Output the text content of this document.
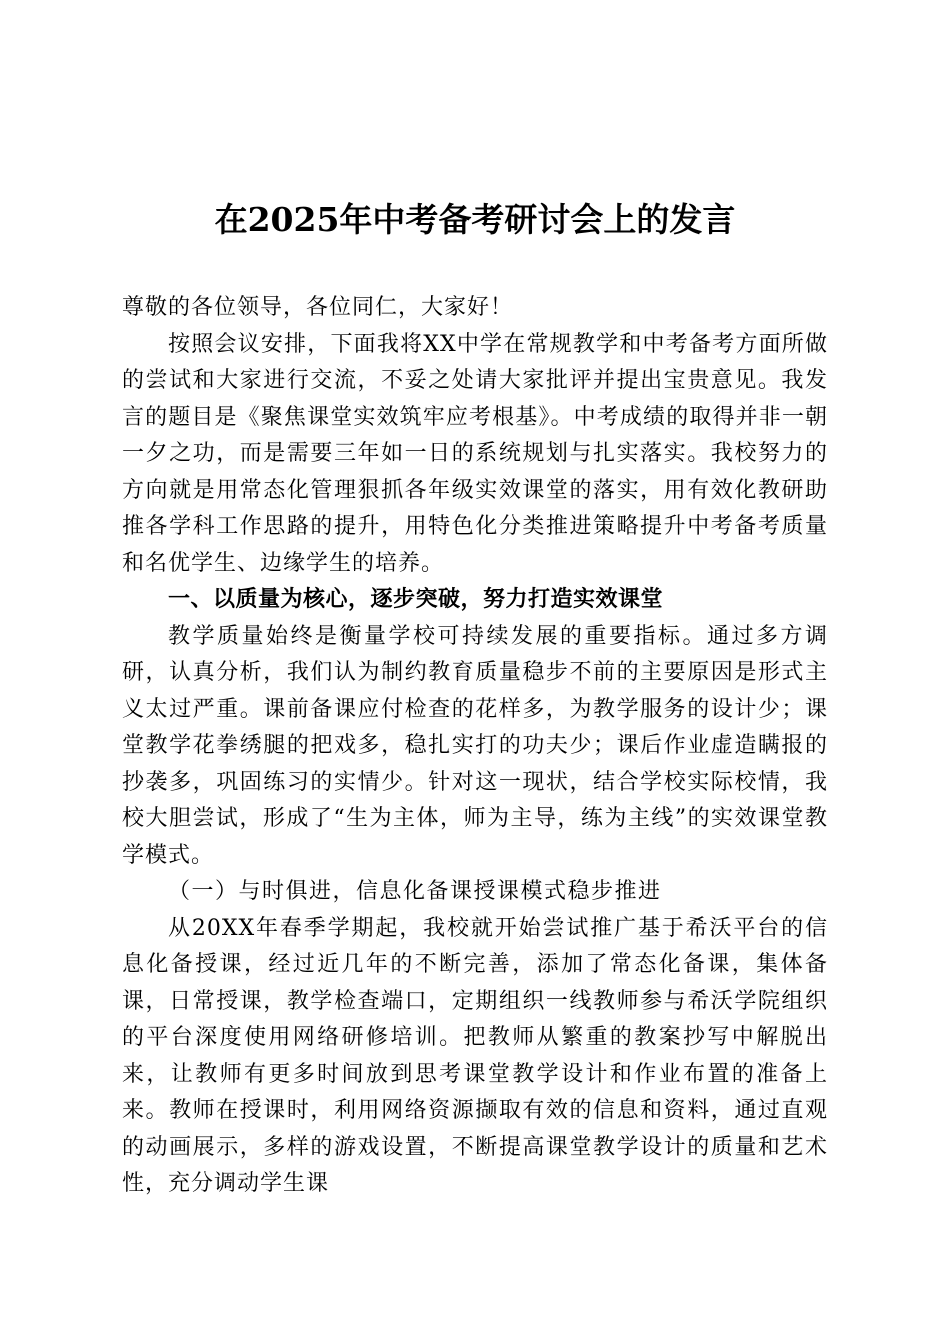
在2025年中考备考研讨会上的发言

尊敬的各位领导，各位同仁，大家好！

按照会议安排，下面我将XX中学在常规教学和中考备考方面所做的尝试和大家进行交流，不妥之处请大家批评并提出宝贵意见。我发言的题目是《聚焦课堂实效筑牢应考根基》。中考成绩的取得并非一朝一夕之功，而是需要三年如一日的系统规划与扎实落实。我校努力的方向就是用常态化管理狠抓各年级实效课堂的落实，用有效化教研助推各学科工作思路的提升，用特色化分类推进策略提升中考备考质量和名优学生、边缘学生的培养。

一、以质量为核心，逐步突破，努力打造实效课堂

教学质量始终是衡量学校可持续发展的重要指标。通过多方调研，认真分析，我们认为制约教育质量稳步不前的主要原因是形式主义太过严重。课前备课应付检查的花样多，为教学服务的设计少；课堂教学花拳绣腿的把戏多，稳扎实打的功夫少；课后作业虚造瞒报的抄袭多，巩固练习的实情少。针对这一现状，结合学校实际校情，我校大胆尝试，形成了“生为主体，师为主导，练为主线”的实效课堂教学模式。

（一）与时俱进，信息化备课授课模式稳步推进

从20XX年春季学期起，我校就开始尝试推广基于希沃平台的信息化备授课，经过近几年的不断完善，添加了常态化备课，集体备课，日常授课，教学检查端口，定期组织一线教师参与希沃学院组织的平台深度使用网络研修培训。把教师从繁重的教案抄写中解脱出来，让教师有更多时间放到思考课堂教学设计和作业布置的准备上来。教师在授课时，利用网络资源撷取有效的信息和资料，通过直观的动画展示，多样的游戏设置，不断提高课堂教学设计的质量和艺术性，充分调动学生课
